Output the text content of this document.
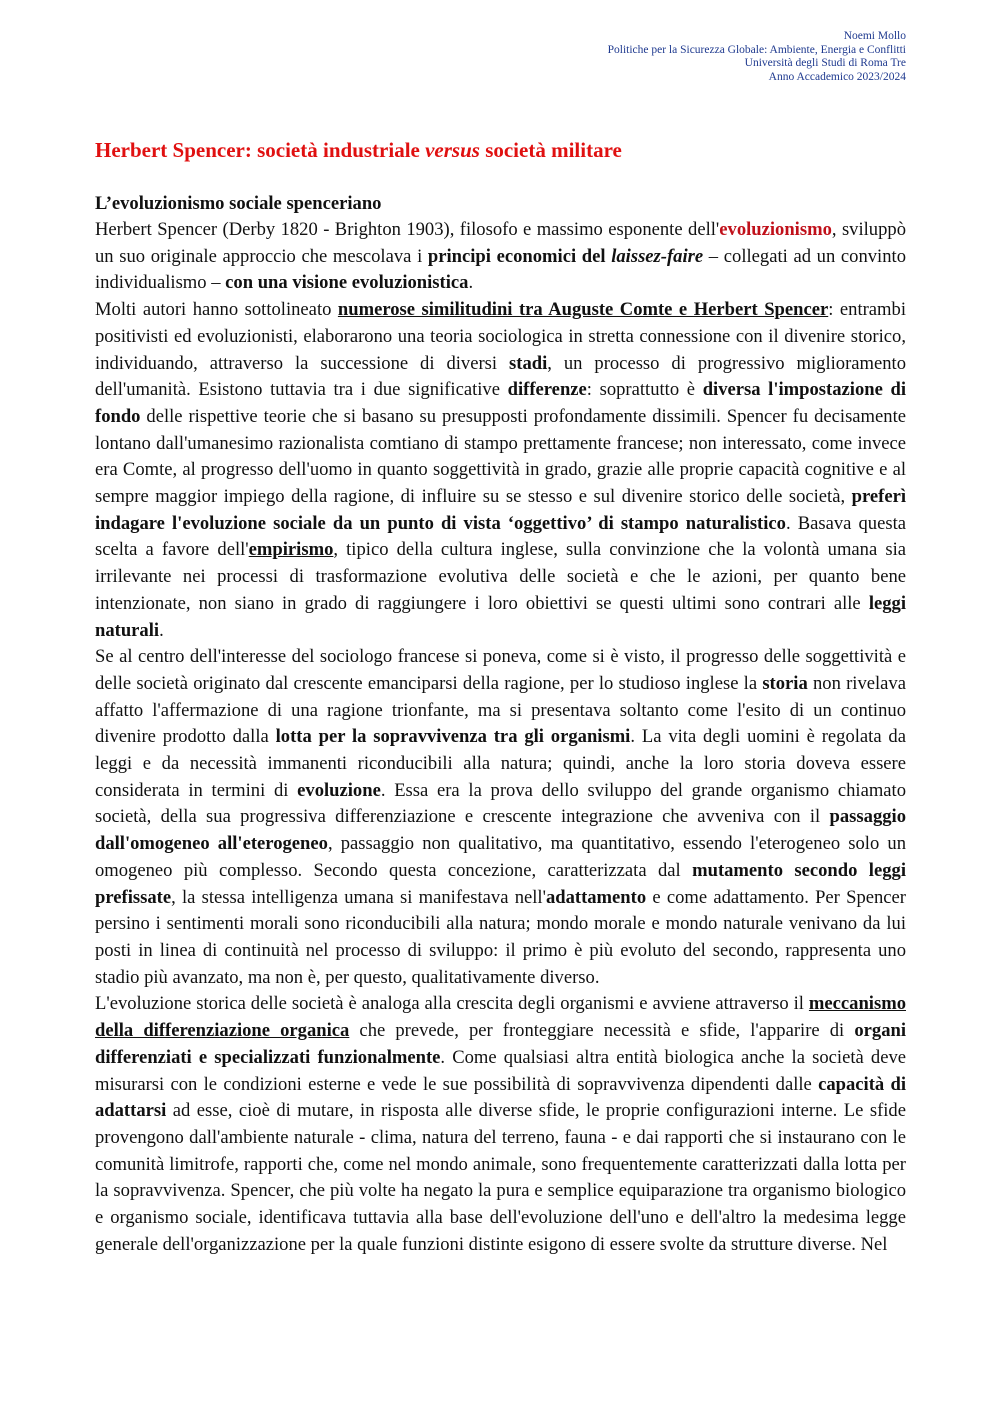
Noemi Mollo
Politiche per la Sicurezza Globale: Ambiente, Energia e Conflitti
Università degli Studi di Roma Tre
Anno Accademico 2023/2024
Herbert Spencer: società industriale versus società militare
L’evoluzionismo sociale spenceriano

Herbert Spencer (Derby 1820 - Brighton 1903), filosofo e massimo esponente dell'evoluzionismo, sviluppò un suo originale approccio che mescolava i principi economici del laissez-faire – collegati ad un convinto individualismo – con una visione evoluzionistica.

Molti autori hanno sottolineato numerose similitudini tra Auguste Comte e Herbert Spencer: entrambi positivisti ed evoluzionisti, elaborarono una teoria sociologica in stretta connessione con il divenire storico, individuando, attraverso la successione di diversi stadi, un processo di progressivo miglioramento dell'umanità. Esistono tuttavia tra i due significative differenze: soprattutto è diversa l'impostazione di fondo delle rispettive teorie che si basano su presupposti profondamente dissimili. Spencer fu decisamente lontano dall'umanesimo razionalista comtiano di stampo prettamente francese; non interessato, come invece era Comte, al progresso dell'uomo in quanto soggettività in grado, grazie alle proprie capacità cognitive e al sempre maggior impiego della ragione, di influire su se stesso e sul divenire storico delle società, preferì indagare l'evoluzione sociale da un punto di vista ‘oggettivo’ di stampo naturalistico. Basava questa scelta a favore dell'empirismo, tipico della cultura inglese, sulla convinzione che la volontà umana sia irrilevante nei processi di trasformazione evolutiva delle società e che le azioni, per quanto bene intenzionate, non siano in grado di raggiungere i loro obiettivi se questi ultimi sono contrari alle leggi naturali.

Se al centro dell'interesse del sociologo francese si poneva, come si è visto, il progresso delle soggettività e delle società originato dal crescente emanciparsi della ragione, per lo studioso inglese la storia non rivelava affatto l'affermazione di una ragione trionfante, ma si presentava soltanto come l'esito di un continuo divenire prodotto dalla lotta per la sopravvivenza tra gli organismi. La vita degli uomini è regolata da leggi e da necessità immanenti riconducibili alla natura; quindi, anche la loro storia doveva essere considerata in termini di evoluzione. Essa era la prova dello sviluppo del grande organismo chiamato società, della sua progressiva differenziazione e crescente integrazione che avveniva con il passaggio dall'omogeneo all'eterogeneo, passaggio non qualitativo, ma quantitativo, essendo l'eterogeneo solo un omogeneo più complesso. Secondo questa concezione, caratterizzata dal mutamento secondo leggi prefissate, la stessa intelligenza umana si manifestava nell'adattamento e come adattamento. Per Spencer persino i sentimenti morali sono riconducibili alla natura; mondo morale e mondo naturale venivano da lui posti in linea di continuità nel processo di sviluppo: il primo è più evoluto del secondo, rappresenta uno stadio più avanzato, ma non è, per questo, qualitativamente diverso.

L'evoluzione storica delle società è analoga alla crescita degli organismi e avviene attraverso il meccanismo della differenziazione organica che prevede, per fronteggiare necessità e sfide, l'apparire di organi differenziati e specializzati funzionalmente. Come qualsiasi altra entità biologica anche la società deve misurarsi con le condizioni esterne e vede le sue possibilità di sopravvivenza dipendenti dalle capacità di adattarsi ad esse, cioè di mutare, in risposta alle diverse sfide, le proprie configurazioni interne. Le sfide provengono dall'ambiente naturale - clima, natura del terreno, fauna - e dai rapporti che si instaurano con le comunità limitrofe, rapporti che, come nel mondo animale, sono frequentemente caratterizzati dalla lotta per la sopravvivenza. Spencer, che più volte ha negato la pura e semplice equiparazione tra organismo biologico e organismo sociale, identificava tuttavia alla base dell'evoluzione dell'uno e dell'altro la medesima legge generale dell'organizzazione per la quale funzioni distinte esigono di essere svolte da strutture diverse. Nel
